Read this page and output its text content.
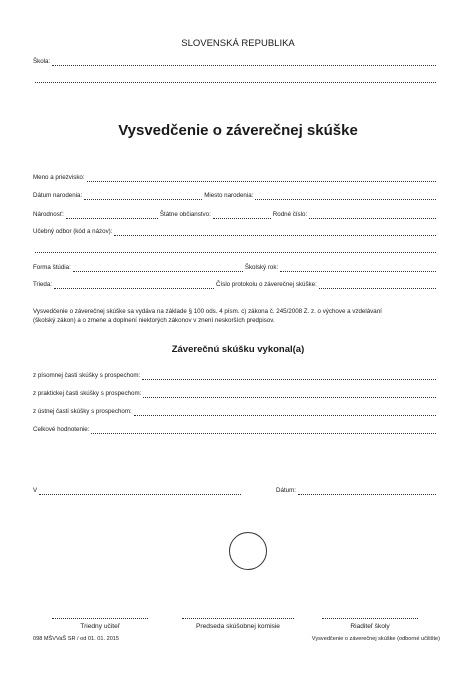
SLOVENSKÁ REPUBLIKA
Škola:
Vysvedčenie o záverečnej skúške
Meno a priezvisko:
Dátum narodenia:	Miesto narodenia:
Národnosť:	Štátne občianstvo:	Rodné číslo:
Učebný odbor (kód a názov):
Forma štúdia:	Školský rok:
Trieda:	Číslo protokolu o záverečnej skúške:
Vysvedčenie o záverečnej skúške sa vydáva na základe § 100 ods. 4 písm. c) zákona č. 245/2008 Z. z. o výchove a vzdelávaní
(školský zákon) a o zmene a doplnení niektorých zákonov v znení neskorších predpisov.
Záverečnú skúšku vykonal(a)
z písomnej časti skúšky s prospechom:
z praktickej časti skúšky s prospechom:
z ústnej časti skúšky s prospechom:
Celkové hodnotenie:
V	Dátum:
Triedny učiteľ	Predseda skúšobnej komisie	Riaditeľ školy
098 MŠVVaŠ SR / od 01. 01. 2015	Vysvedčenie o záverečnej skúške (odborné učilište)
